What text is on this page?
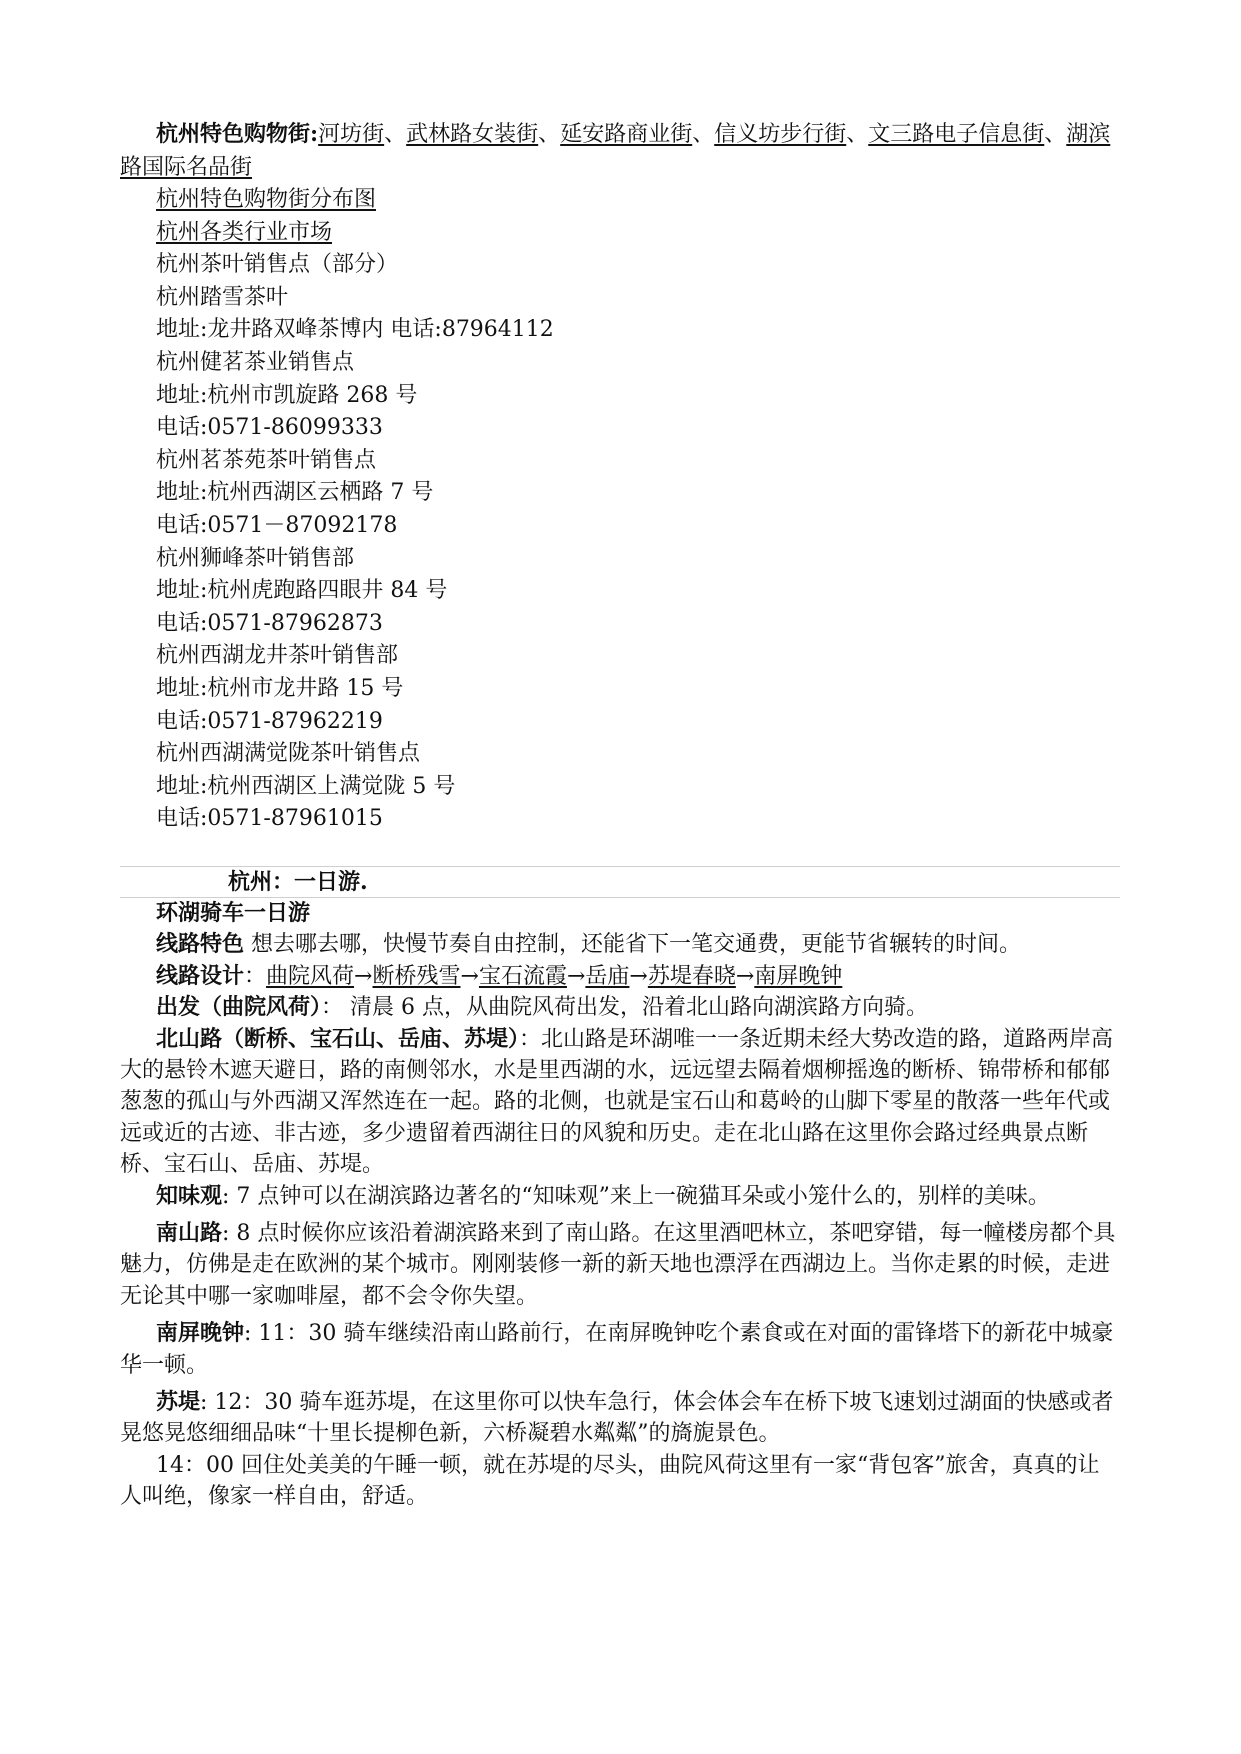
杭州特色购物街:河坊街、武林路女装街、延安路商业街、信义坊步行街、文三路电子信息街、湖滨路国际名品街

杭州特色购物街分布图

杭州各类行业市场

杭州茶叶销售点（部分）

杭州踏雪茶叶

地址:龙井路双峰茶博内 电话:87964112

杭州健茗茶业销售点

地址:杭州市凯旋路 268 号

电话:0571-86099333

杭州茗茶苑茶叶销售点

地址:杭州西湖区云栖路 7 号

电话:0571－87092178

杭州狮峰茶叶销售部

地址:杭州虎跑路四眼井 84 号

电话:0571-87962873

杭州西湖龙井茶叶销售部

地址:杭州市龙井路 15 号

电话:0571-87962219

杭州西湖满觉陇茶叶销售点

地址:杭州西湖区上满觉陇 5 号

电话:0571-87961015

杭州：一日游.

环湖骑车一日游

线路特色 想去哪去哪，快慢节奏自由控制，还能省下一笔交通费，更能节省辗转的时间。

线路设计：曲院风荷→断桥残雪→宝石流霞→岳庙→苏堤春晓→南屏晚钟

出发（曲院风荷）： 清晨 6 点，从曲院风荷出发，沿着北山路向湖滨路方向骑。

北山路（断桥、宝石山、岳庙、苏堤）：北山路是环湖唯一一条近期未经大势改造的路，道路两岸高大的悬铃木遮天避日，路的南侧邻水，水是里西湖的水，远远望去隔着烟柳摇逸的断桥、锦带桥和郁郁葱葱的孤山与外西湖又浑然连在一起。路的北侧，也就是宝石山和葛岭的山脚下零星的散落一些年代或远或近的古迹、非古迹，多少遗留着西湖往日的风貌和历史。走在北山路在这里你会路过经典景点断桥、宝石山、岳庙、苏堤。

知味观: 7 点钟可以在湖滨路边著名的“知味观”来上一碗猫耳朵或小笼什么的，别样的美味。

南山路: 8 点时候你应该沿着湖滨路来到了南山路。在这里酒吧林立，茶吧穿错，每一幢楼房都个具魅力，仿佛是走在欧洲的某个城市。刚刚装修一新的新天地也漂浮在西湖边上。当你走累的时候，走进无论其中哪一家咖啡屋，都不会令你失望。

南屏晚钟: 11：30 骑车继续沿南山路前行，在南屏晚钟吃个素食或在对面的雷锋塔下的新花中城豪华一顿。

苏堤: 12：30 骑车逛苏堤，在这里你可以快车急行，体会体会车在桥下坡飞速划过湖面的快感或者晃悠晃悠细细品味“十里长提柳色新，六桥凝碧水粼粼”的旖旎景色。

14：00 回住处美美的午睡一顿，就在苏堤的尽头，曲院风荷这里有一家“背包客”旅舍，真真的让人叫绝，像家一样自由，舒适。
